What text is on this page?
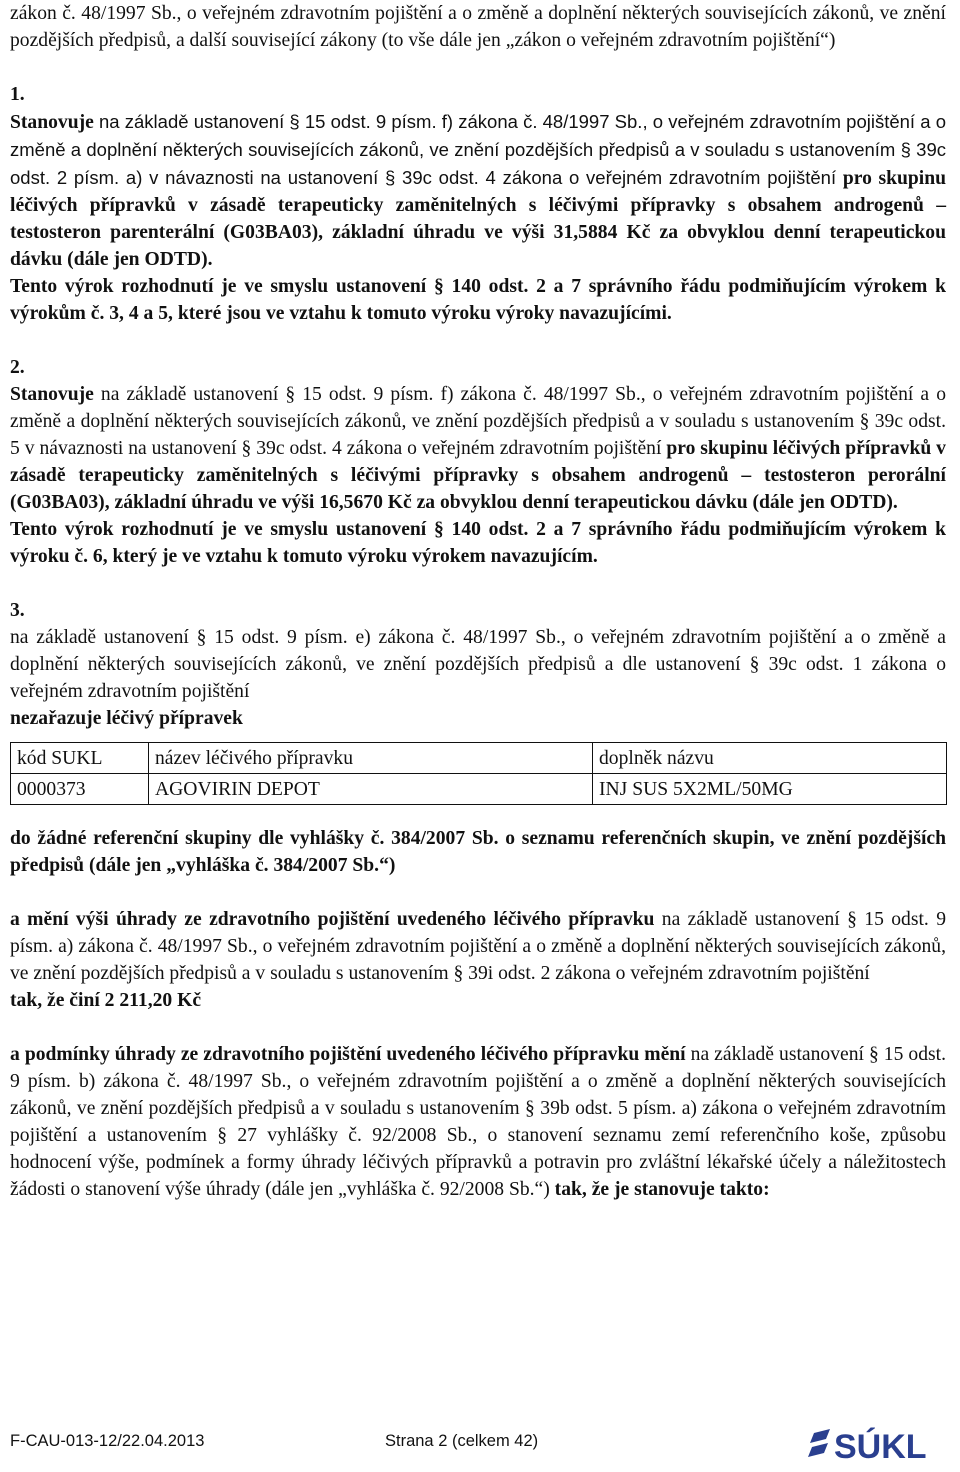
zákon č. 48/1997 Sb., o veřejném zdravotním pojištění a o změně a doplnění některých souvisejících zákonů, ve znění pozdějších předpisů, a další související zákony (to vše dále jen „zákon o veřejném zdravotním pojištění“)

1.

Stanovuje na základě ustanovení § 15 odst. 9 písm. f) zákona č. 48/1997 Sb., o veřejném zdravotním pojištění a o změně a doplnění některých souvisejících zákonů, ve znění pozdějších předpisů a v souladu s ustanovením § 39c odst. 2 písm. a) v návaznosti na ustanovení § 39c odst. 4 zákona o veřejném zdravotním pojištění pro skupinu léčivých přípravků v zásadě terapeuticky zaměnitelných s léčivými přípravky s obsahem androgenů – testosteron parenterální (G03BA03), základní úhradu ve výši 31,5884 Kč za obvyklou denní terapeutickou dávku (dále jen ODTD).

Tento výrok rozhodnutí je ve smyslu ustanovení § 140 odst. 2 a 7 správního řádu podmiňujícím výrokem k výrokům č. 3, 4 a 5, které jsou ve vztahu k tomuto výroku výroky navazujícími.

2.

Stanovuje na základě ustanovení § 15 odst. 9 písm. f) zákona č. 48/1997 Sb., o veřejném zdravotním pojištění a o změně a doplnění některých souvisejících zákonů, ve znění pozdějších předpisů a v souladu s ustanovením § 39c odst. 5 v návaznosti na ustanovení § 39c odst. 4 zákona o veřejném zdravotním pojištění pro skupinu léčivých přípravků v zásadě terapeuticky zaměnitelných s léčivými přípravky s obsahem androgenů – testosteron perorální (G03BA03), základní úhradu ve výši 16,5670 Kč za obvyklou denní terapeutickou dávku (dále jen ODTD).

Tento výrok rozhodnutí je ve smyslu ustanovení § 140 odst. 2 a 7 správního řádu podmiňujícím výrokem k výroku č. 6, který je ve vztahu k tomuto výroku výrokem navazujícím.

3.

na základě ustanovení § 15 odst. 9 písm. e) zákona č. 48/1997 Sb., o veřejném zdravotním pojištění a o změně a doplnění některých souvisejících zákonů, ve znění pozdějších předpisů a dle ustanovení § 39c odst. 1 zákona o veřejném zdravotním pojištění

nezařazuje léčivý přípravek

kód SUKL	název léčivého přípravku	doplněk názvu
0000373	AGOVIRIN DEPOT	INJ SUS 5X2ML/50MG

do žádné referenční skupiny dle vyhlášky č. 384/2007 Sb. o seznamu referenčních skupin, ve znění pozdějších předpisů (dále jen „vyhláška č. 384/2007 Sb.“)

a mění výši úhrady ze zdravotního pojištění uvedeného léčivého přípravku na základě ustanovení § 15 odst. 9 písm. a) zákona č. 48/1997 Sb., o veřejném zdravotním pojištění a o změně a doplnění některých souvisejících zákonů, ve znění pozdějších předpisů a v souladu s ustanovením § 39i odst. 2 zákona o veřejném zdravotním pojištění

tak, že činí 2 211,20 Kč

a podmínky úhrady ze zdravotního pojištění uvedeného léčivého přípravku mění na základě ustanovení § 15 odst. 9 písm. b) zákona č. 48/1997 Sb., o veřejném zdravotním pojištění a o změně a doplnění některých souvisejících zákonů, ve znění pozdějších předpisů a v souladu s ustanovením § 39b odst. 5 písm. a) zákona o veřejném zdravotním pojištění a ustanovením § 27 vyhlášky č. 92/2008 Sb., o stanovení seznamu zemí referenčního koše, způsobu hodnocení výše, podmínek a formy úhrady léčivých přípravků a potravin pro zvláštní lékařské účely a náležitostech žádosti o stanovení výše úhrady (dále jen „vyhláška č. 92/2008 Sb.“) tak, že je stanovuje takto:

F-CAU-013-12/22.04.2013	Strana 2 (celkem 42)	SÚKL
